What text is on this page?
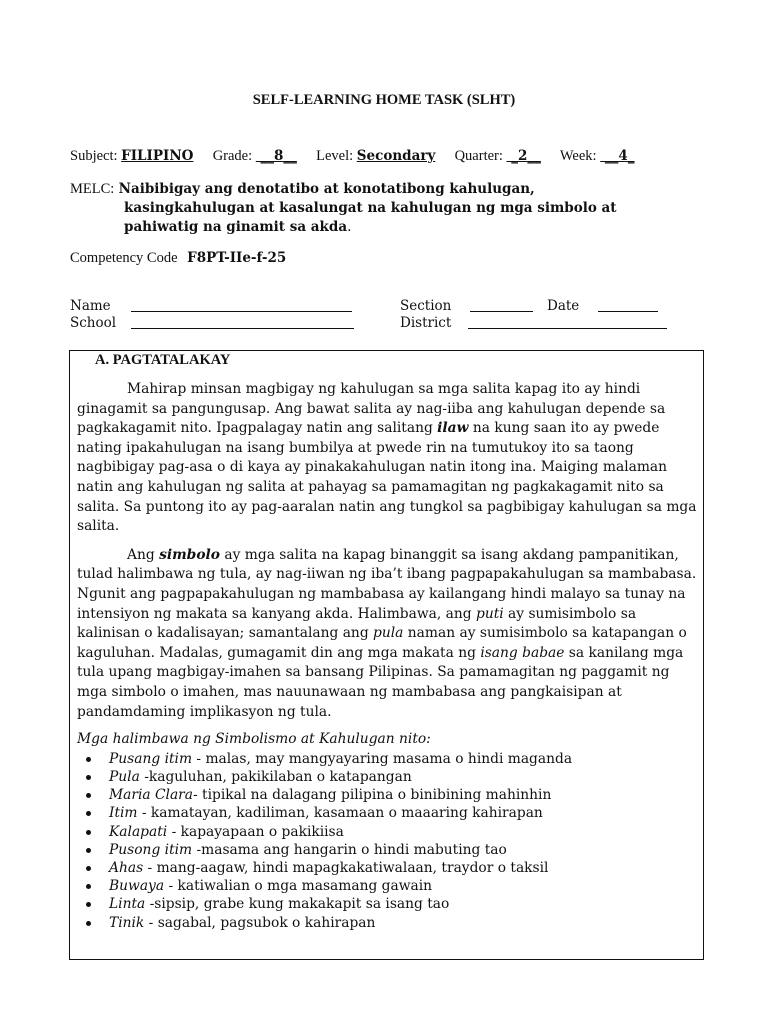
SELF-LEARNING HOME TASK (SLHT)
Subject: FILIPINO Grade:  __8__ Level: Secondary Quarter:  _2__ Week:  __4_
MELC: Naibibigay ang denotatibo at konotatibong kahulugan,
kasingkahulugan at kasalungat na kahulugan ng mga simbolo at
pahiwatig na ginamit sa akda.
Competency Code F8PT-IIe-f-25
Name	Section	Date
School	District
A. PAGTATALAKAY

Mahirap minsan magbigay ng kahulugan sa mga salita kapag ito ay hindi ginagamit sa pangungusap. Ang bawat salita ay nag-iiba ang kahulugan depende sa pagkakagamit nito. Ipagpalagay natin ang salitang ilaw na kung saan ito ay pwede nating ipakahulugan na isang bumbilya at pwede rin na tumutukoy ito sa taong nagbibigay pag-asa o di kaya ay pinakakahulugan natin itong ina. Maiging malaman natin ang kahulugan ng salita at pahayag sa pamamagitan ng pagkakagamit nito sa salita. Sa puntong ito ay pag-aaralan natin ang tungkol sa pagbibigay kahulugan sa mga salita.

Ang simbolo ay mga salita na kapag binanggit sa isang akdang pampanitikan, tulad halimbawa ng tula, ay nag-iiwan ng iba’t ibang pagpapakahulugan sa mambabasa. Ngunit ang pagpapakahulugan ng mambabasa ay kailangang hindi malayo sa tunay na intensiyon ng makata sa kanyang akda. Halimbawa, ang puti ay sumisimbolo sa kalinisan o kadalisayan; samantalang ang pula naman ay sumisimbolo sa katapangan o kaguluhan. Madalas, gumagamit din ang mga makata ng isang babae sa kanilang mga tula upang magbigay-imahen sa bansang Pilipinas. Sa pamamagitan ng paggamit ng mga simbolo o imahen, mas nauunawaan ng mambabasa ang pangkaisipan at pandamdaming implikasyon ng tula.

Mga halimbawa ng Simbolismo at Kahulugan nito:
Pusang itim - malas, may mangyayaring masama o hindi maganda
Pula -kaguluhan, pakikilaban o katapangan
Maria Clara- tipikal na dalagang pilipina o binibining mahinhin
Itim - kamatayan, kadiliman, kasamaan o maaaring kahirapan
Kalapati - kapayapaan o pakikiisa
Pusong itim -masama ang hangarin o hindi mabuting tao
Ahas - mang-aagaw, hindi mapagkakatiwalaan, traydor o taksil
Buwaya - katiwalian o mga masamang gawain
Linta -sipsip, grabe kung makakapit sa isang tao
Tinik - sagabal, pagsubok o kahirapan
